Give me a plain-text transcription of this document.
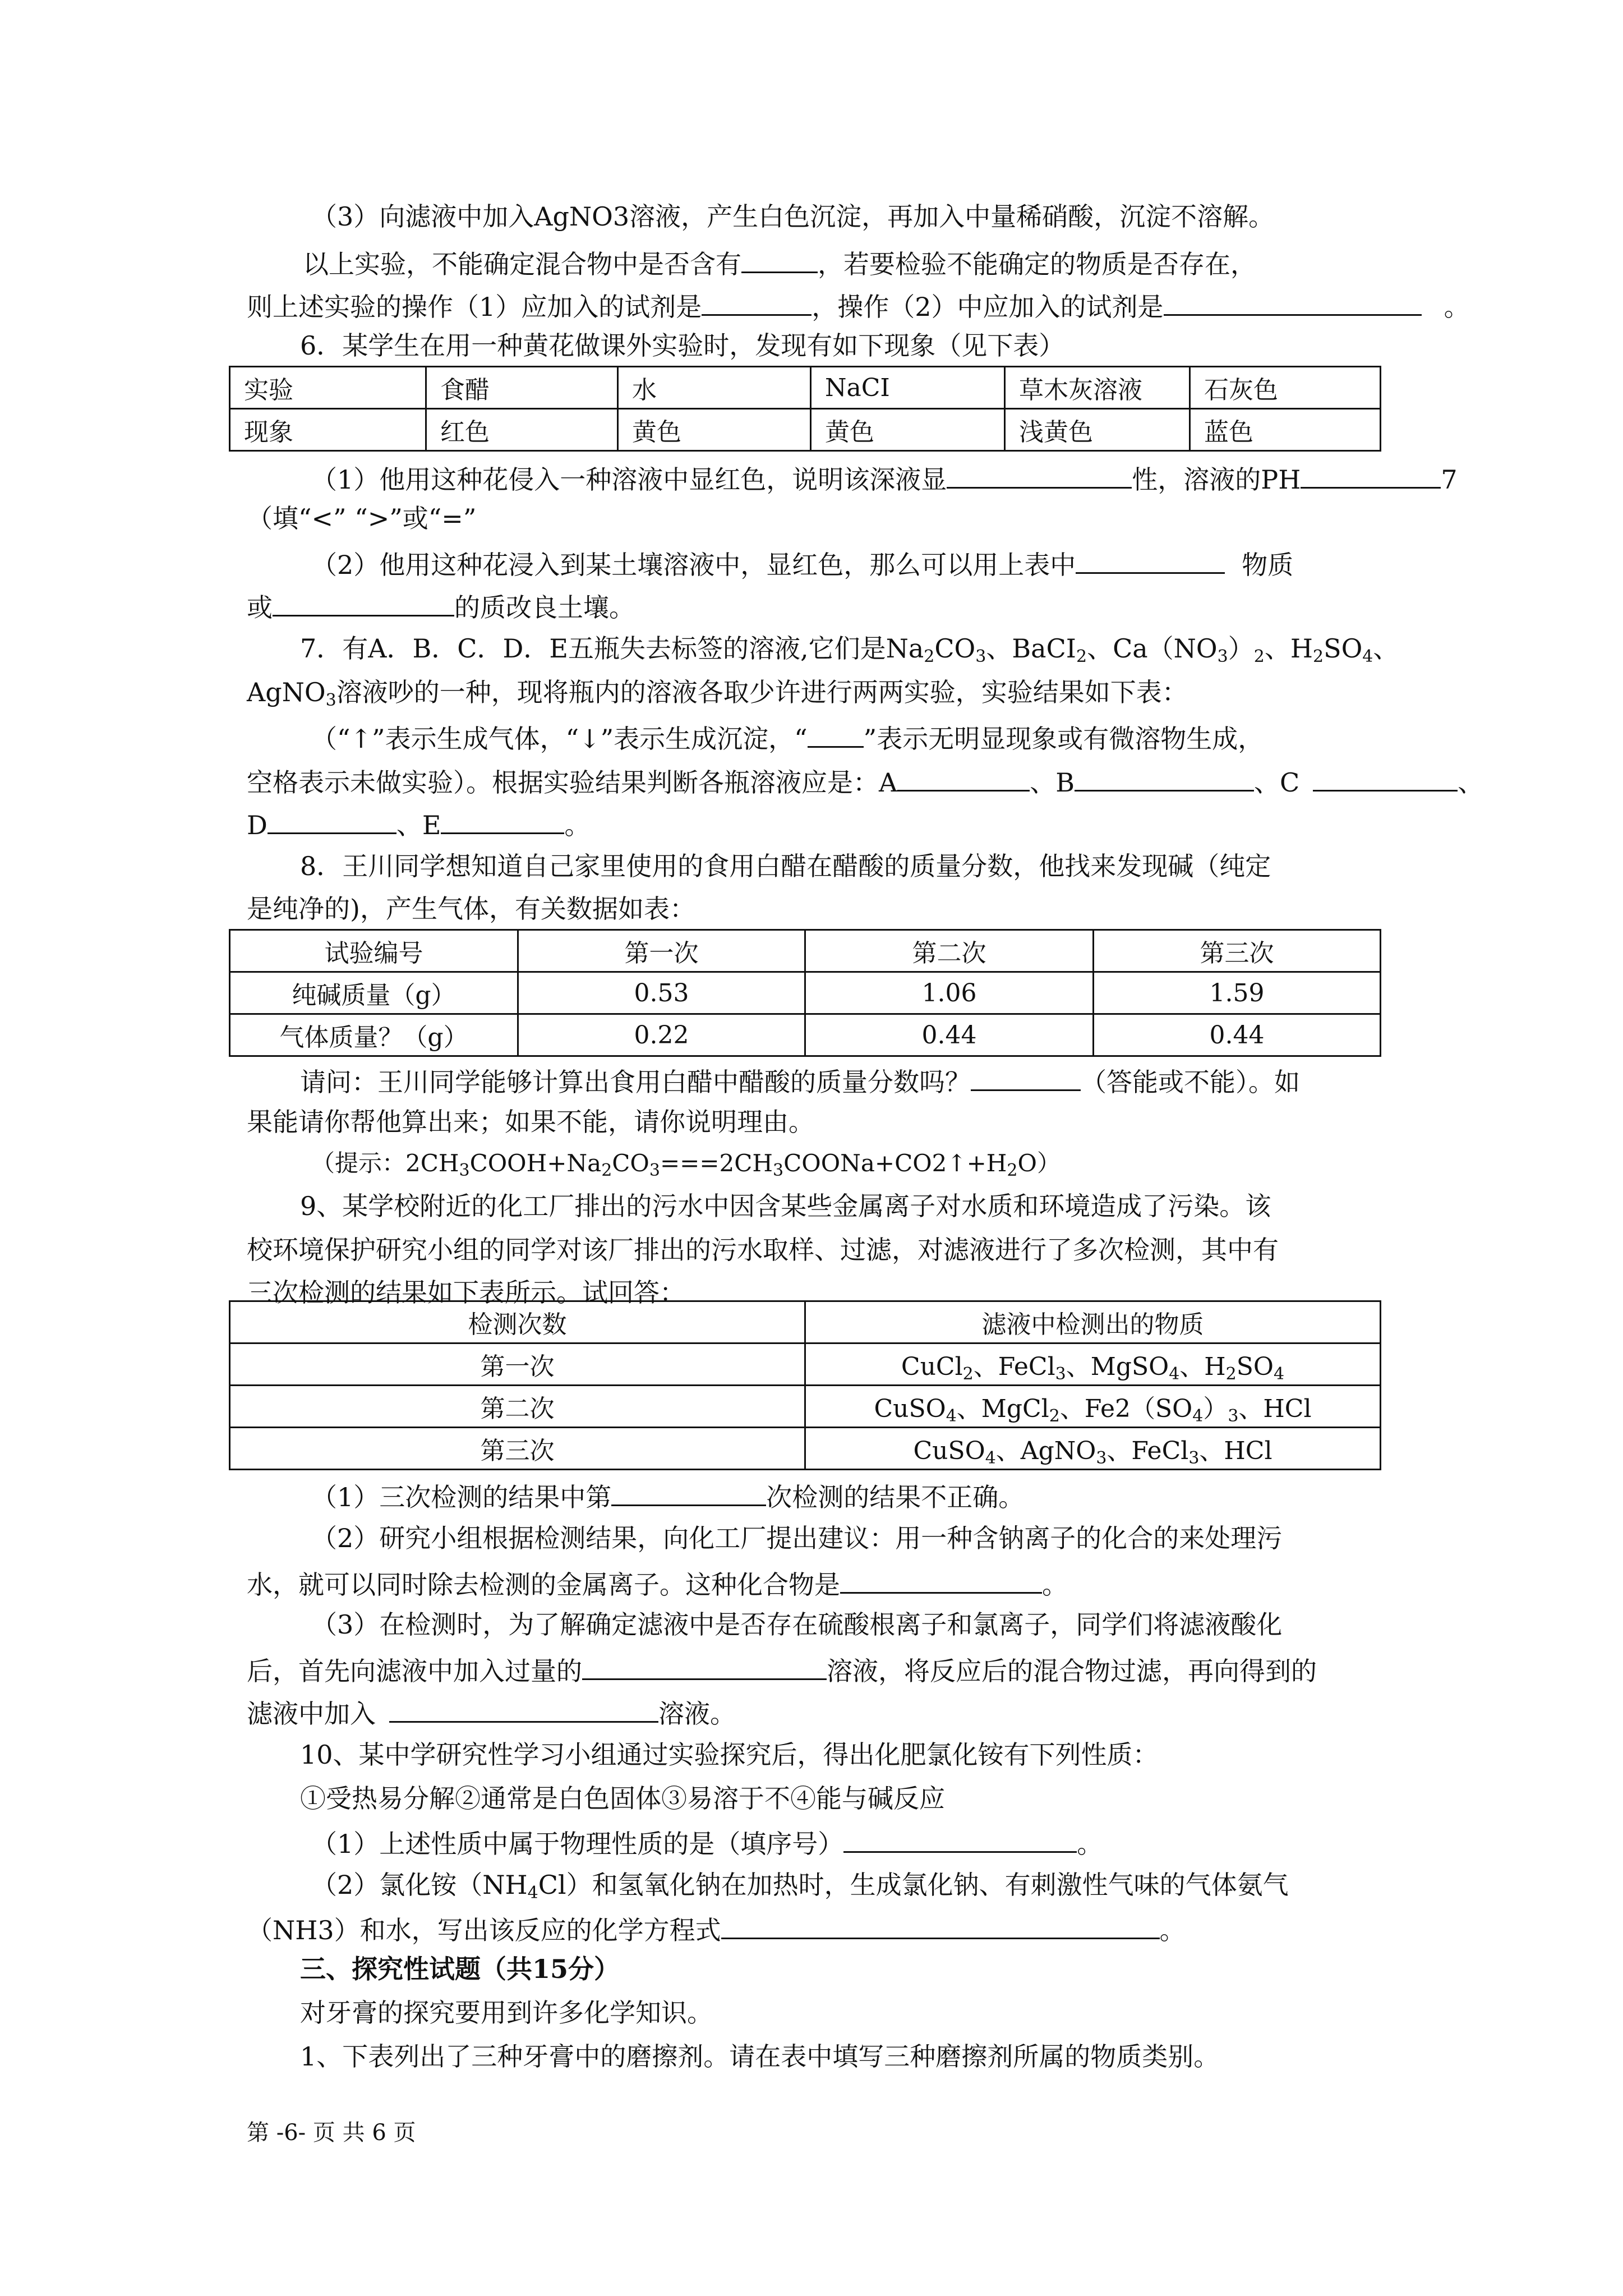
（3）向滤液中加入AgNO3溶液，产生白色沉淀，再加入中量稀硝酸，沉淀不溶解。
以上实验，不能确定混合物中是否含有	，若要检验不能确定的物质是否存在，
则上述实验的操作（1）应加入的试剂是	，操作（2）中应加入的试剂是	。
6．某学生在用一种黄花做课外实验时，发现有如下现象（见下表）
实验	食醋	水	NaCI	草木灰溶液	石灰色
现象	红色	黄色	黄色	浅黄色	蓝色
（1）他用这种花侵入一种溶液中显红色，说明该深液显	性，溶液的PH	7
（填“<” “>”或“=”
（2）他用这种花浸入到某土壤溶液中，显红色，那么可以用上表中	物质
或	的质改良土壤。
7．有A．B．C．D．E五瓶失去标签的溶液,它们是$Na_2CO_3$、BaCI$_2$、$Ca(NO_3)_2$、$H_2SO_4$、
AgNO$_3$溶液吵的一种，现将瓶内的溶液各取少许进行两两实验，实验结果如下表：
（“↑”表示生成气体，“↓”表示生成沉淀，“ ”表示无明显现象或有微溶物生成，
空格表示未做实验）。根据实验结果判断各瓶溶液应是：A	、B	、C	、
D	、E	。
8．王川同学想知道自己家里使用的食用白醋在醋酸的质量分数，他找来发现碱（纯定
是纯净的)，产生气体，有关数据如表：
试验编号	第一次	第二次	第三次
纯碱质量（g）	0.53	1.06	1.59
气体质量？（g）	0.22	0.44	0.44
请问：王川同学能够计算出食用白醋中醋酸的质量分数吗？	（答能或不能）。如
果能请你帮他算出来；如果不能，请你说明理由。
（提示：$2CH_3COOH+Na_2CO_3===2CH_3COONa+CO2↑+H_2O$）
9、某学校附近的化工厂排出的污水中因含某些金属离子对水质和环境造成了污染。该
校环境保护研究小组的同学对该厂排出的污水取样、过滤，对滤液进行了多次检测，其中有
三次检测的结果如下表所示。试回答：
检测次数	滤液中检测出的物质
第一次	CuCl$_2$、FeCl$_3$、MgSO$_4$、$H_2SO_4$
第二次	CuSO$_4$、MgCl$_2$、$Fe2(SO_4)_3$、HCl
第三次	CuSO$_4$、AgNO$_3$、FeCl$_3$、HCl
（1）三次检测的结果中第	次检测的结果不正确。
（2）研究小组根据检测结果，向化工厂提出建议：用一种含钠离子的化合的来处理污
水，就可以同时除去检测的金属离子。这种化合物是	。
（3）在检测时，为了解确定滤液中是否存在硫酸根离子和氯离子，同学们将滤液酸化
后，首先向滤液中加入过量的	溶液，将反应后的混合物过滤，再向得到的
滤液中加入	溶液。
10、某中学研究性学习小组通过实验探究后，得出化肥氯化铵有下列性质：
①受热易分解②通常是白色固体③易溶于不④能与碱反应
（1）上述性质中属于物理性质的是（填序号）	。
（2）氯化铵$(NH_4Cl)$和氢氧化钠在加热时，生成氯化钠、有刺激性气味的气体氨气
（NH3）和水，写出该反应的化学方程式	。
三、探究性试题（共15分）
对牙膏的探究要用到许多化学知识。
1、下表列出了三种牙膏中的磨擦剂。请在表中填写三种磨擦剂所属的物质类别。
第 -6- 页 共 6 页
